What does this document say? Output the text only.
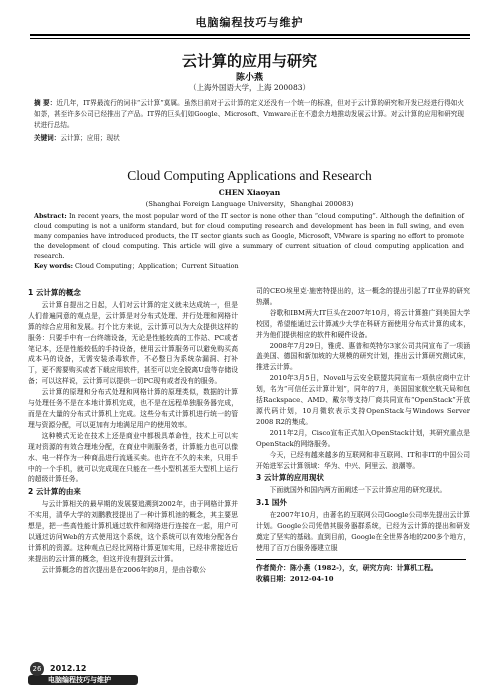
电脑编程技巧与维护
云计算的应用与研究
陈小燕
（上海外国语大学，上海 200083）
摘 要：近几年，IT界最流行的词非“云计算”莫属。虽然目前对于云计算的定义还没有一个统一的标准，但对于云计算的研究和开发已经进行得如火如荼，甚至许多公司已经推出了产品。IT界的巨头们如Google、Microsoft、Vmware正在不遗余力地推动发展云计算。对云计算的应用和研究现状进行总结。
关键词：云计算；应用；现状
Cloud Computing Applications and Research
CHEN Xiaoyan
(Shanghai Foreign Language University，Shanghai 200083)
Abstract: In recent years, the most popular word of the IT sector is none other than “cloud computing”. Although the definition of cloud computing is not a uniform standard, but for cloud computing research and development has been in full swing, and even many companies have introduced products, the IT sector giants such as Google, Microsoft, VMware is sparing no effort to promote the development of cloud computing. This article will give a summary of current situation of cloud computing application and research.
Key words: Cloud Computing；Application；Current Situation
1 云计算的概念
云计算自提出之日起，人们对云计算的定义就未达成统一，但是人们普遍同意的观点是，云计算是对分布式处理、并行处理和网格计算的综合应用和发展。打个比方来说，云计算可以为大众提供这样的服务：只要手中有一台终端设备，无论是性能较高的工作站、PC或者笔记本，还是性能较低的手持设备，使用云计算服务可以避免购买高成本马的设备，无需安装杀毒软件，不必整日为系统杂漏洞、打补丁，更不需要购买或者下载应用软件，甚至可以完全脱离U盘等存储设备；可以这样说，云计算可以提供一切PC现有或者没有的服务。
云计算的原理和分布式处理和网格计算的原理类似，数据的计算与处理任务不是在本地计算机完成，也不是在远程单独服务器完成，而是在大量的分布式计算机上完成。这些分布式计算机进行统一的管理与资源分配，可以更加有力地满足用户的使用效率。
这种模式无论在技术上还是商业中都极具革命性，技术上可以实现对资源的有效合理地分配，在商业中则服务者，计算能力也可以像水、电一样作为一种商品进行流通买卖。也许在不久的未来，只用手中的一个手机，就可以完成现在只能在一些小型机甚至大型机上运行的超级计算任务。
2 云计算的由来
与云计算相关的最早期的发展要追溯到2002年，由于网格计算并不实用，清华大学的刘鹏教授提出了一种计算机池的概念，其主要思想是，把一些高性能计算机通过软件和网络进行连接在一起，用户可以通过访问Web的方式使用这个系统，这个系统可以有效地分配各台计算机的资源。这种观点已经比网格计算更加实用，已经非常接近后来提出的云计算的概念，但这并没有提到云计算。
云计算概念的首次提出是在2006年的8月，是由谷歌公
司的CEO埃里克·施密特提出的，这一概念的提出引起了IT业界的研究热潮。
谷歌和IBM两大IT巨头在2007年10月，将云计算推广到美国大学校园，希望能通过云计算减少大学在科研方面使用分布式计算的成本，并为他们提供相应的软件和硬件设备。
2008年7月29日，雅虎、惠普和英特尔3家公司共同宣布了一项涵盖美国、德国和新加坡的大规模的研究计划，推出云计算研究测试床，推进云计算。
2010年3月5日，Novell与云安全联盟共同宣布一项供应商中立计划，名为“可信任云计算计划”，同年的7月，美国国家航空航天局和包括Rackspace、AMD、戴尔等支持厂商共同宣布“OpenStack”开放源代码计划，10月微软表示支持OpenStack与Windows Server 2008 R2的集成。
2011年2月，Cisco宣布正式加入OpenStack计划，其研究重点是OpenStack的网络服务。
今天，已经有越来越多的互联网和非互联网、IT和非IT的中国公司开始进军云计算领域：华为、中兴、阿里云、浪潮等。
3 云计算的应用现状
下面就国外和国内两方面阐述一下云计算应用的研究现状。
3.1 国外
在2007年10月，由著名的互联网公司Google公司率先提出云计算计划。Google公司凭借其服务器群系统，已经为云计算的提出和研发奠定了坚实的基础。直到目前，Google在全世界各地的200多个地方，使用了百万台服务器建立服
作者简介：陈小燕（1982-），女，研究方向：计算机工程。
收稿日期：2012-04-10
26	2012.12
电脑编程技巧与维护
